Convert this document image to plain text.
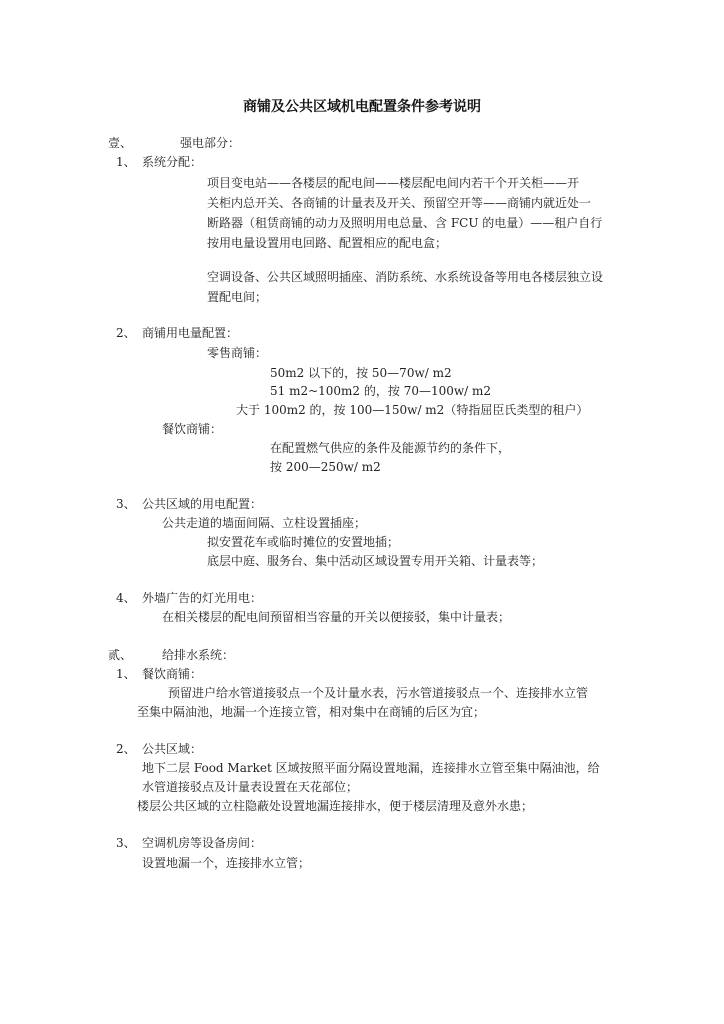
商铺及公共区域机电配置条件参考说明
壹、	强电部分：
1、 系统分配：
项目变电站——各楼层的配电间——楼层配电间内若干个开关柜——开
关柜内总开关、各商铺的计量表及开关、预留空开等——商铺内就近处一
断路器（租赁商铺的动力及照明用电总量、含 FCU 的电量）——租户自行
按用电量设置用电回路、配置相应的配电盒；
空调设备、公共区域照明插座、消防系统、水系统设备等用电各楼层独立设
置配电间；
2、 商铺用电量配置：
零售商铺：
50m2 以下的，按 50—70w/ m2
51 m2~100m2 的，按 70—100w/ m2
大于 100m2 的，按 100—150w/ m2（特指屈臣氏类型的租户）
餐饮商铺：
在配置燃气供应的条件及能源节约的条件下，
按 200—250w/ m2
3、 公共区域的用电配置：
公共走道的墙面间隔、立柱设置插座；
拟安置花车或临时摊位的安置地插；
底层中庭、服务台、集中活动区域设置专用开关箱、计量表等；
4、 外墙广告的灯光用电：
在相关楼层的配电间预留相当容量的开关以便接驳，集中计量表；
贰、 给排水系统：
1、 餐饮商铺：
预留进户给水管道接驳点一个及计量水表，污水管道接驳点一个、连接排水立管
至集中隔油池，地漏一个连接立管，相对集中在商铺的后区为宜；
2、 公共区域：
地下二层 Food Market 区域按照平面分隔设置地漏，连接排水立管至集中隔油池，给
水管道接驳点及计量表设置在天花部位；
楼层公共区域的立柱隐蔽处设置地漏连接排水，便于楼层清理及意外水患；
3、 空调机房等设备房间：
设置地漏一个，连接排水立管；
